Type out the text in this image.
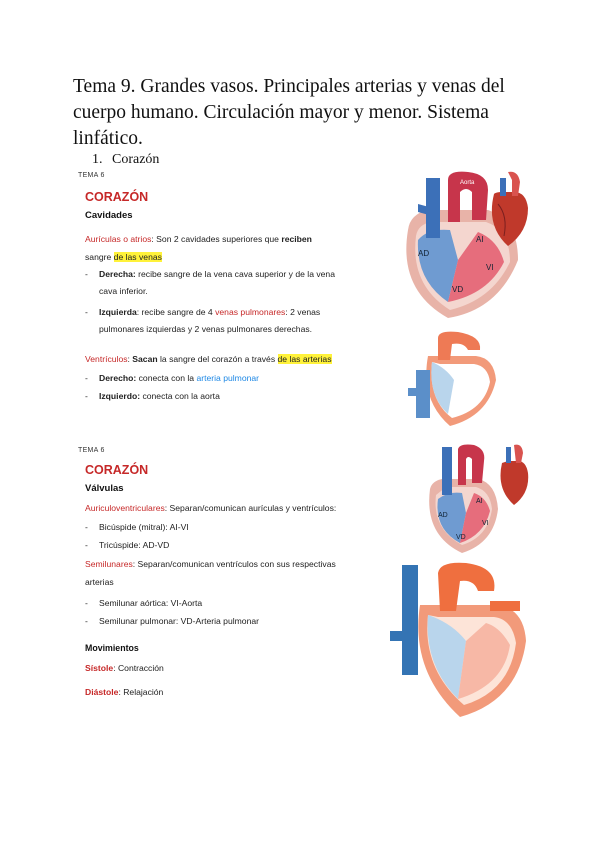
Tema 9. Grandes vasos. Principales arterias y venas del cuerpo humano. Circulación mayor y menor. Sistema linfático.
1. Corazón
TEMA 6
CORAZÓN
Cavidades
Aurículas o atrios: Son 2 cavidades superiores que reciben
sangre de las venas
- Derecha: recibe sangre de la vena cava superior y de la vena
cava inferior.
- Izquierda: recibe sangre de 4 venas pulmonares: 2 venas
pulmonares izquierdas y 2 venas pulmonares derechas.
Ventrículos: Sacan la sangre del corazón a través de las arterias
- Derecho: conecta con la arteria pulmonar
- Izquierdo: conecta con la aorta
Aorta
AD
AI
VI
VD
TEMA 6
CORAZÓN
Válvulas
Auriculoventriculares: Separan/comunican aurículas y ventrículos:
- Bicúspide (mitral): AI-VI
- Tricúspide: AD-VD
Semilunares: Separan/comunican ventrículos con sus respectivas
arterias
- Semilunar aórtica: VI-Aorta
- Semilunar pulmonar: VD-Arteria pulmonar
Movimientos
Sístole: Contracción
Diástole: Relajación
AD
AI
VI
VD
